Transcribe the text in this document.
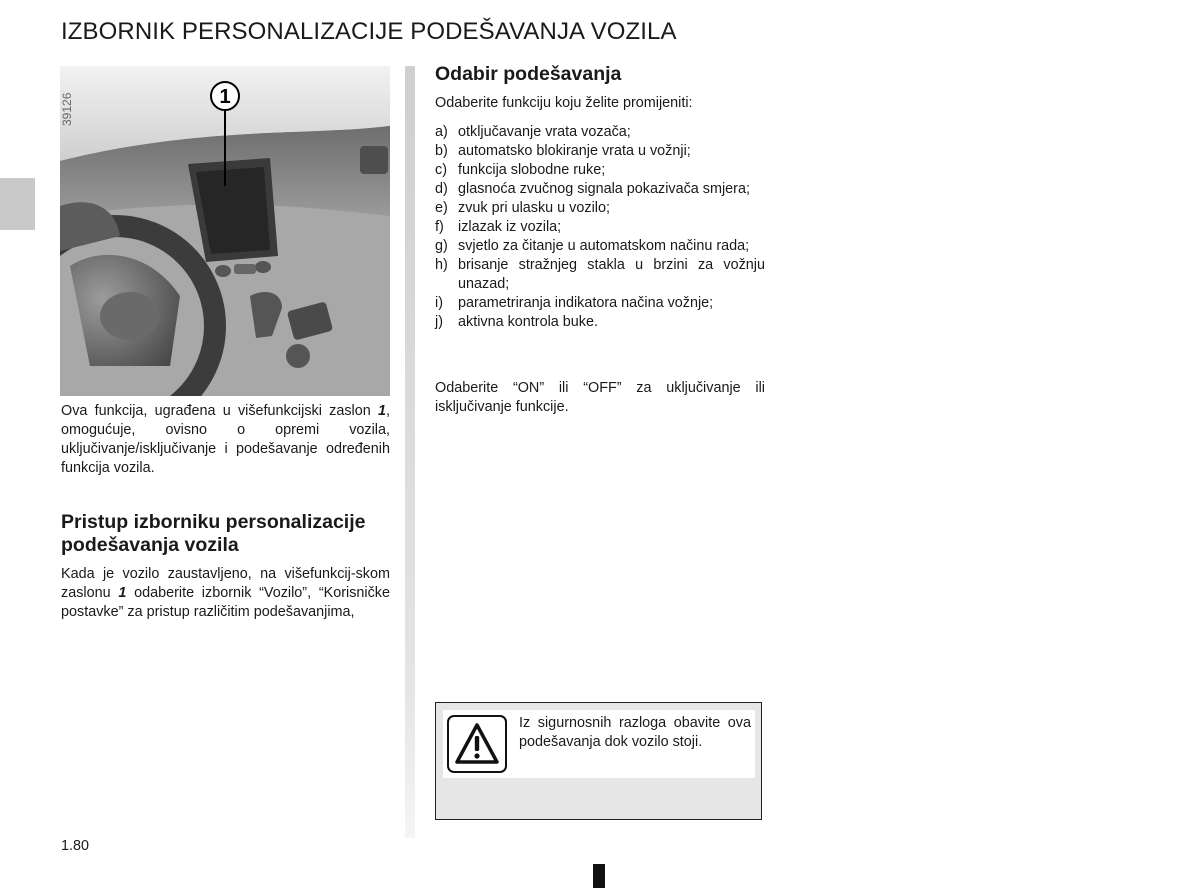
IZBORNIK PERSONALIZACIJE PODEŠAVANJA VOZILA
1
39126

Ova funkcija, ugrađena u višefunkcijski zaslon 1, omogućuje, ovisno o opremi vozila, uključivanje/isključivanje i podešavanje određenih funkcija vozila.

Pristup izborniku personalizacije podešavanja vozila

Kada je vozilo zaustavljeno, na višefunkcij-skom zaslonu 1 odaberite izbornik “Vozilo”, “Korisničke postavke” za pristup različitim podešavanjima,

Odabir podešavanja

Odaberite funkciju koju želite promijeniti:

a) otključavanje vrata vozača;
b) automatsko blokiranje vrata u vožnji;
c) funkcija slobodne ruke;
d) glasnoća zvučnog signala pokazivača smjera;
e) zvuk pri ulasku u vozilo;
f) izlazak iz vozila;
g) svjetlo za čitanje u automatskom načinu rada;
h) brisanje stražnjeg stakla u brzini za vožnju unazad;
i)	parametriranja indikatora načina vožnje;
j)	aktivna kontrola buke.

Odaberite “ON” ili “OFF” za uključivanje ili isključivanje funkcije.

Iz sigurnosnih razloga obavite ova podešavanja dok vozilo stoji.

1.80
